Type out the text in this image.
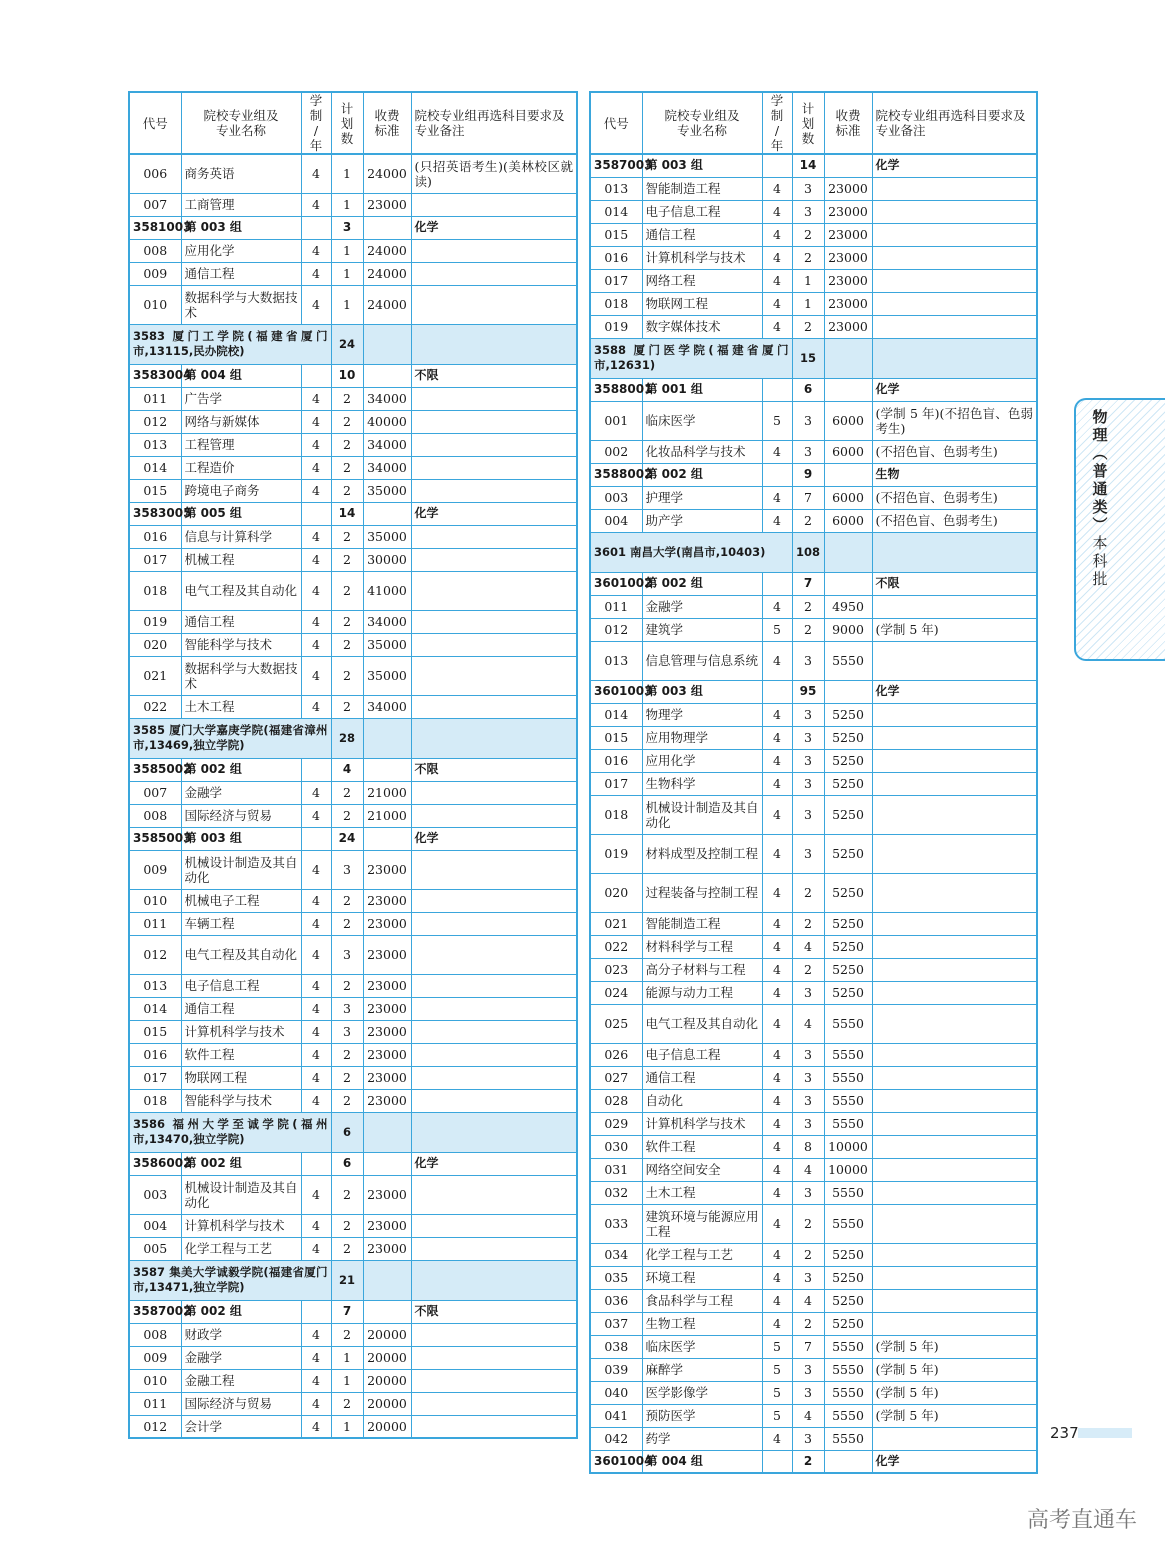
代号	院校专业组及
专业名称	学
制
/
年	计
划
数	收费
标准	院校专业组再选科目要求及
专业备注
006	商务英语	4	1	24000	(只招英语考生)(美林校区就读)
007	工商管理	4	1	23000	
3581003	第 003 组		3		化学
008	应用化学	4	1	24000	
009	通信工程	4	1	24000	
010	数据科学与大数据技术	4	1	24000	
3583 厦门工学院(福建省厦门市,13115,民办院校)			24		
3583004	第 004 组		10		不限
011	广告学	4	2	34000	
012	网络与新媒体	4	2	40000	
013	工程管理	4	2	34000	
014	工程造价	4	2	34000	
015	跨境电子商务	4	2	35000	
3583005	第 005 组		14		化学
016	信息与计算科学	4	2	35000	
017	机械工程	4	2	30000	
018	电气工程及其自动化	4	2	41000	
019	通信工程	4	2	34000	
020	智能科学与技术	4	2	35000	
021	数据科学与大数据技术	4	2	35000	
022	土木工程	4	2	34000	
3585 厦门大学嘉庚学院(福建省漳州市,13469,独立学院)			28		
3585002	第 002 组		4		不限
007	金融学	4	2	21000	
008	国际经济与贸易	4	2	21000	
3585003	第 003 组		24		化学
009	机械设计制造及其自动化	4	3	23000	
010	机械电子工程	4	2	23000	
011	车辆工程	4	2	23000	
012	电气工程及其自动化	4	3	23000	
013	电子信息工程	4	2	23000	
014	通信工程	4	3	23000	
015	计算机科学与技术	4	3	23000	
016	软件工程	4	2	23000	
017	物联网工程	4	2	23000	
018	智能科学与技术	4	2	23000	
3586 福州大学至诚学院(福州市,13470,独立学院)			6		
3586002	第 002 组		6		化学
003	机械设计制造及其自动化	4	2	23000	
004	计算机科学与技术	4	2	23000	
005	化学工程与工艺	4	2	23000	
3587 集美大学诚毅学院(福建省厦门市,13471,独立学院)			21		
3587002	第 002 组		7		不限
008	财政学	4	2	20000	
009	金融学	4	1	20000	
010	金融工程	4	1	20000	
011	国际经济与贸易	4	2	20000	
012	会计学	4	1	20000	
代号	院校专业组及
专业名称	学
制
/
年	计
划
数	收费
标准	院校专业组再选科目要求及
专业备注
3587003	第 003 组		14		化学
013	智能制造工程	4	3	23000	
014	电子信息工程	4	3	23000	
015	通信工程	4	2	23000	
016	计算机科学与技术	4	2	23000	
017	网络工程	4	1	23000	
018	物联网工程	4	1	23000	
019	数字媒体技术	4	2	23000	
3588 厦门医学院(福建省厦门市,12631)			15		
3588001	第 001 组		6		化学
001	临床医学	5	3	6000	(学制 5 年)(不招色盲、色弱考生)
002	化妆品科学与技术	4	3	6000	(不招色盲、色弱考生)
3588002	第 002 组		9		生物
003	护理学	4	7	6000	(不招色盲、色弱考生)
004	助产学	4	2	6000	(不招色盲、色弱考生)
3601 南昌大学(南昌市,10403)			108		
3601002	第 002 组		7		不限
011	金融学	4	2	4950	
012	建筑学	5	2	9000	(学制 5 年)
013	信息管理与信息系统	4	3	5550	
3601003	第 003 组		95		化学
014	物理学	4	3	5250	
015	应用物理学	4	3	5250	
016	应用化学	4	3	5250	
017	生物科学	4	3	5250	
018	机械设计制造及其自动化	4	3	5250	
019	材料成型及控制工程	4	3	5250	
020	过程装备与控制工程	4	2	5250	
021	智能制造工程	4	2	5250	
022	材料科学与工程	4	4	5250	
023	高分子材料与工程	4	2	5250	
024	能源与动力工程	4	3	5250	
025	电气工程及其自动化	4	4	5550	
026	电子信息工程	4	3	5550	
027	通信工程	4	3	5550	
028	自动化	4	3	5550	
029	计算机科学与技术	4	3	5550	
030	软件工程	4	8	10000	
031	网络空间安全	4	4	10000	
032	土木工程	4	3	5550	
033	建筑环境与能源应用工程	4	2	5550	
034	化学工程与工艺	4	2	5250	
035	环境工程	4	3	5250	
036	食品科学与工程	4	4	5250	
037	生物工程	4	2	5250	
038	临床医学	5	7	5550	(学制 5 年)
039	麻醉学	5	3	5550	(学制 5 年)
040	医学影像学	5	3	5550	(学制 5 年)
041	预防医学	5	4	5550	(学制 5 年)
042	药学	4	3	5550	
3601004	第 004 组		2		化学
物
理
︵
普
通
类
︶
本
科
批
237
高考直通车
